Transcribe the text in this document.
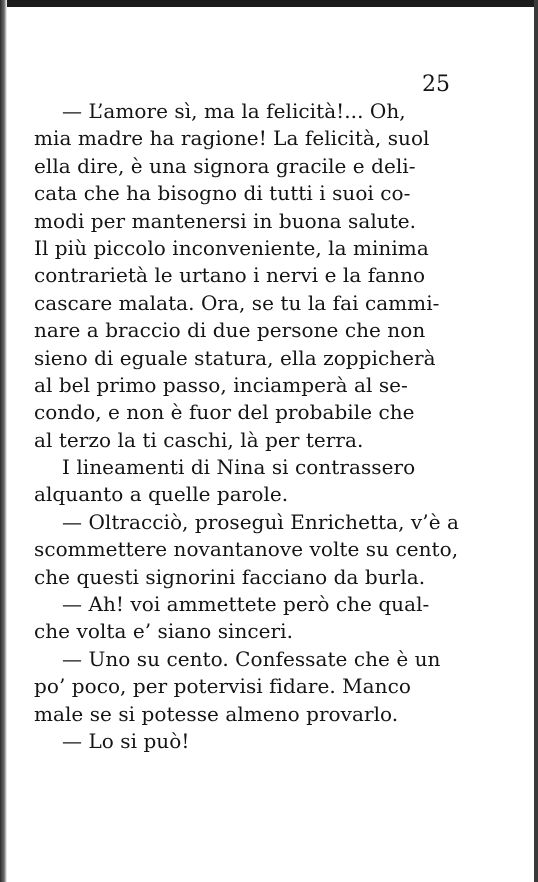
25
— L’amore sì, ma la felicità!... Oh,
mia madre ha ragione! La felicità, suol
ella dire, è una signora gracile e deli-
cata che ha bisogno di tutti i suoi co-
modi per mantenersi in buona salute.
Il più piccolo inconveniente, la minima
contrarietà le urtano i nervi e la fanno
cascare malata. Ora, se tu la fai cammi-
nare a braccio di due persone che non
sieno di eguale statura, ella zoppicherà
al bel primo passo, inciamperà al se-
condo, e non è fuor del probabile che
al terzo la ti caschi, là per terra.
I lineamenti di Nina si contrassero
alquanto a quelle parole.
— Oltracciò, proseguì Enrichetta, v’è a
scommettere novantanove volte su cento,
che questi signorini facciano da burla.
— Ah! voi ammettete però che qual-
che volta e’ siano sinceri.
— Uno su cento. Confessate che è un
po’ poco, per potervisi fidare. Manco
male se si potesse almeno provarlo.
— Lo si può!
